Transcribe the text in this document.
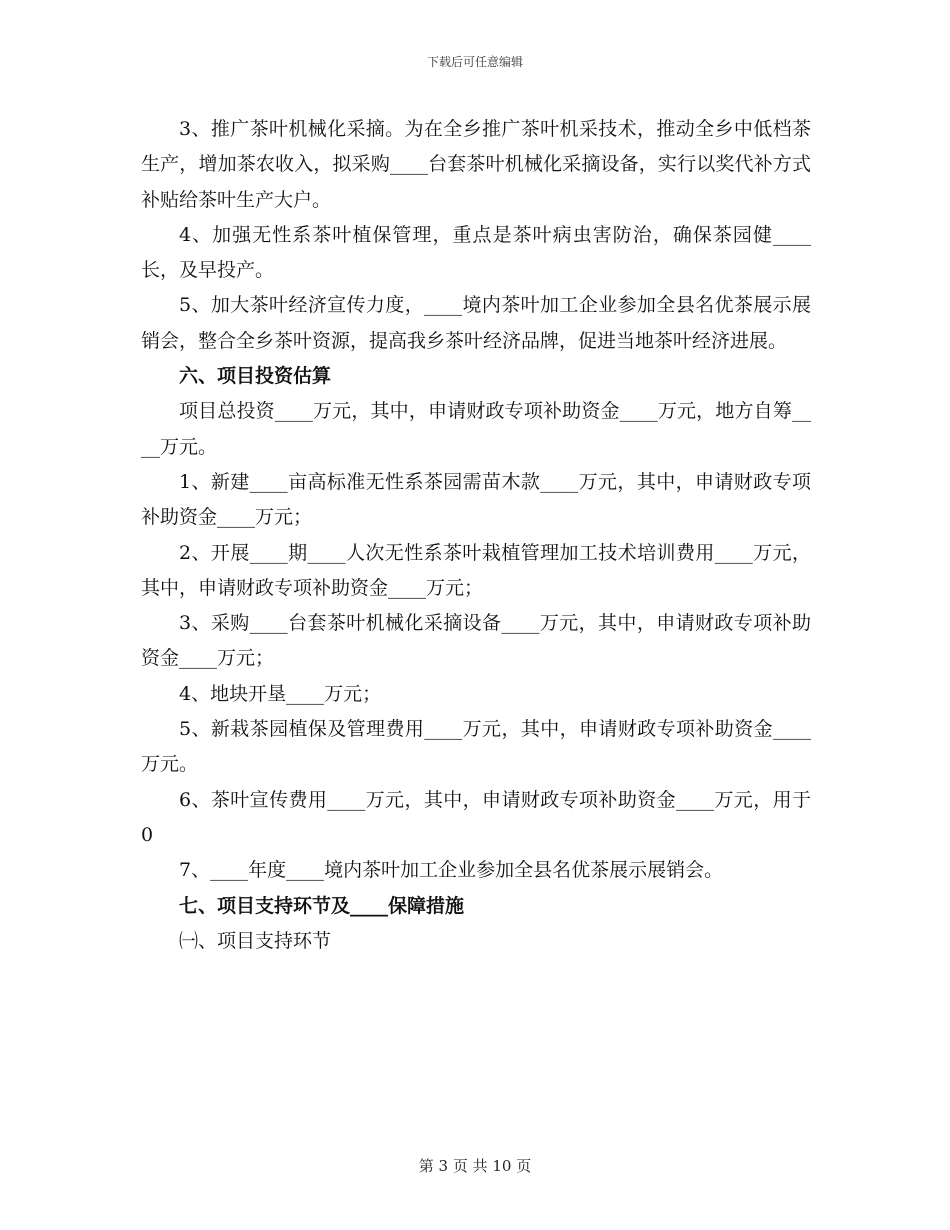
下载后可任意编辑

3、推广茶叶机械化采摘。为在全乡推广茶叶机采技术，推动全乡中低档茶生产，增加茶农收入，拟采购____台套茶叶机械化采摘设备，实行以奖代补方式补贴给茶叶生产大户。

4、加强无性系茶叶植保管理，重点是茶叶病虫害防治，确保茶园健____长，及早投产。

5、加大茶叶经济宣传力度，____境内茶叶加工企业参加全县名优茶展示展销会，整合全乡茶叶资源，提高我乡茶叶经济品牌，促进当地茶叶经济进展。

六、项目投资估算

项目总投资____万元，其中，申请财政专项补助资金____万元，地方自筹____万元。

1、新建____亩高标准无性系茶园需苗木款____万元，其中，申请财政专项补助资金____万元；

2、开展____期____人次无性系茶叶栽植管理加工技术培训费用____万元，其中，申请财政专项补助资金____万元；

3、采购____台套茶叶机械化采摘设备____万元，其中，申请财政专项补助资金____万元；

4、地块开垦____万元；

5、新栽茶园植保及管理费用____万元，其中，申请财政专项补助资金____万元。

6、茶叶宣传费用____万元，其中，申请财政专项补助资金____万元，用于0

7、____年度____境内茶叶加工企业参加全县名优茶展示展销会。

七、项目支持环节及____保障措施

㈠、项目支持环节

第 3 页 共 10 页
